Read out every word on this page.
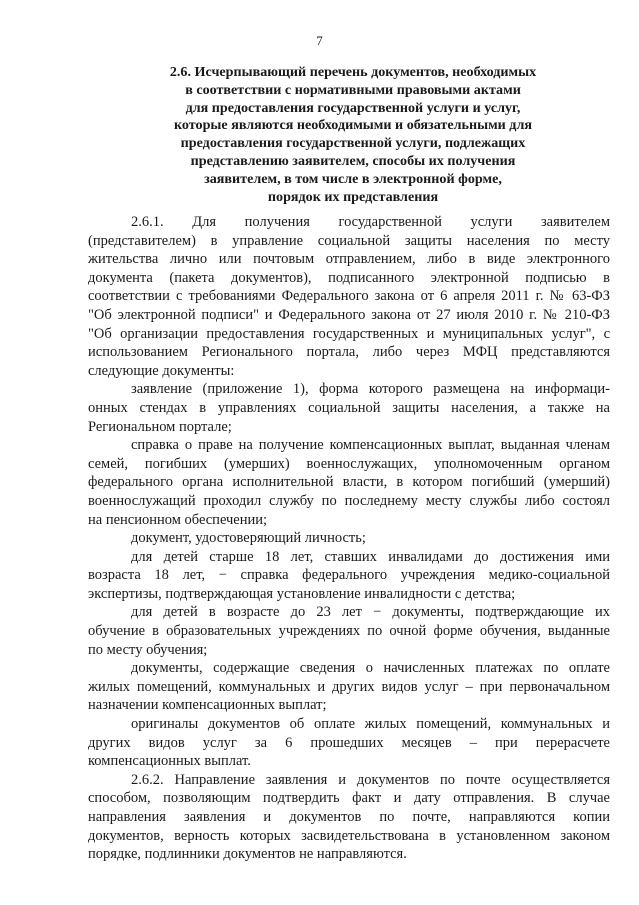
7
2.6. Исчерпывающий перечень документов, необходимых
в соответствии с нормативными правовыми актами
для предоставления государственной услуги и услуг,
которые являются необходимыми и обязательными для
предоставления государственной услуги, подлежащих
представлению заявителем, способы их получения
заявителем, в том числе в электронной форме,
порядок их представления
2.6.1. Для получения государственной услуги заявителем
(представителем) в управление социальной защиты населения по месту
жительства лично или почтовым отправлением, либо в виде электронного
документа (пакета документов), подписанного электронной подписью в
соответствии с требованиями Федерального закона от 6 апреля 2011 г. № 63-ФЗ
"Об электронной подписи" и Федерального закона от 27 июля 2010 г. № 210-ФЗ
"Об организации предоставления государственных и муниципальных услуг", с
использованием Регионального портала, либо через МФЦ представляются
следующие документы:
заявление (приложение 1), форма которого размещена на информаци-
онных стендах в управлениях социальной защиты населения, а также на
Региональном портале;
справка о праве на получение компенсационных выплат, выданная членам
семей, погибших (умерших) военнослужащих, уполномоченным органом
федерального органа исполнительной власти, в котором погибший (умерший)
военнослужащий проходил службу по последнему месту службы либо состоял
на пенсионном обеспечении;
документ, удостоверяющий личность;
для детей старше 18 лет, ставших инвалидами до достижения ими
возраста 18 лет, − справка федерального учреждения медико-социальной
экспертизы, подтверждающая установление инвалидности с детства;
для детей в возрасте до 23 лет − документы, подтверждающие их
обучение в образовательных учреждениях по очной форме обучения, выданные
по месту обучения;
документы, содержащие сведения о начисленных платежах по оплате
жилых помещений, коммунальных и других видов услуг – при первоначальном
назначении компенсационных выплат;
оригиналы документов об оплате жилых помещений, коммунальных и
других видов услуг за 6 прошедших месяцев – при перерасчете
компенсационных выплат.
2.6.2. Направление заявления и документов по почте осуществляется
способом, позволяющим подтвердить факт и дату отправления. В случае
направления заявления и документов по почте, направляются копии
документов, верность которых засвидетельствована в установленном законом
порядке, подлинники документов не направляются.
